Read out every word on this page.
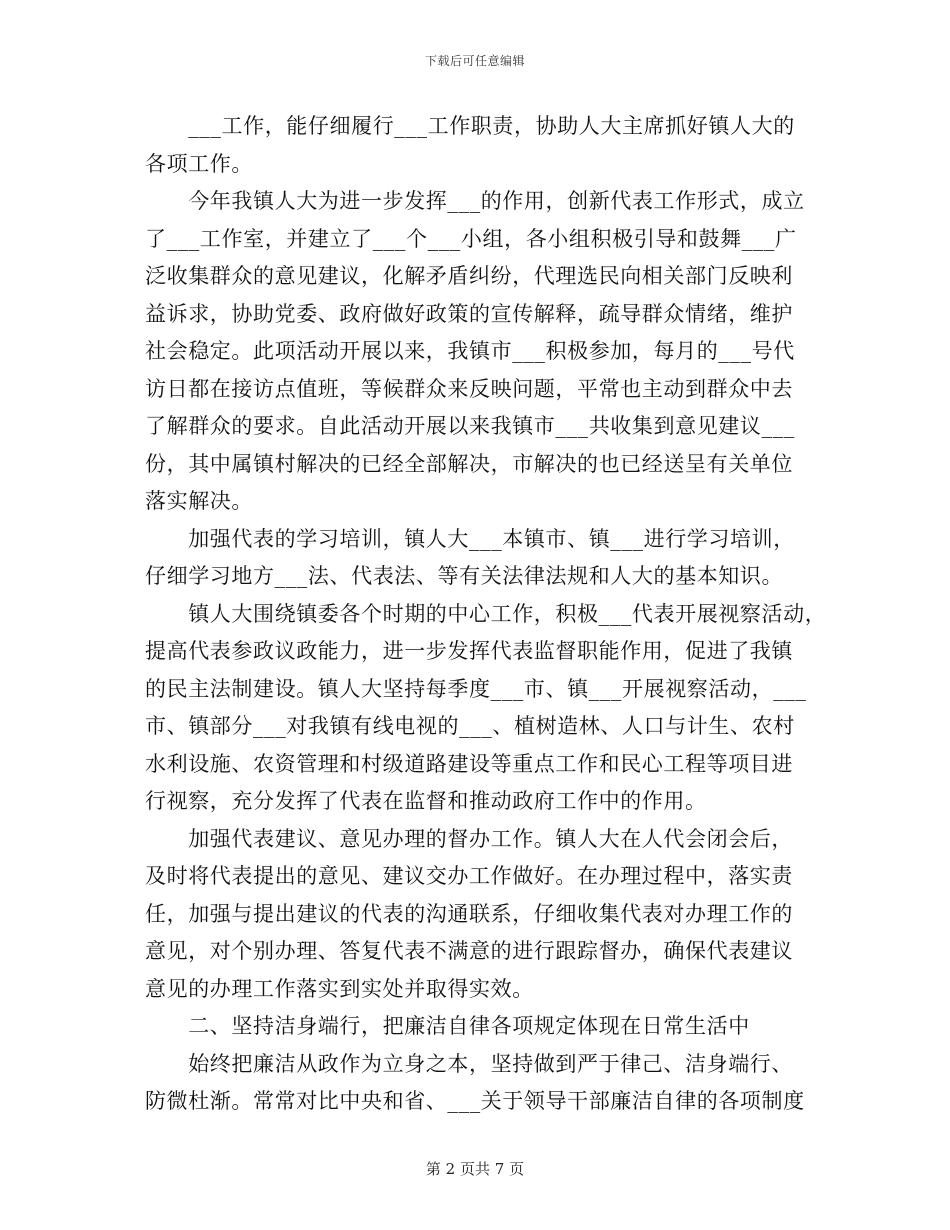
下载后可任意编辑
　　___工作，能仔细履行___工作职责，协助人大主席抓好镇人大的
各项工作。
　　今年我镇人大为进一步发挥___的作用，创新代表工作形式，成立
了___工作室，并建立了___个___小组，各小组积极引导和鼓舞___广
泛收集群众的意见建议，化解矛盾纠纷，代理选民向相关部门反映利
益诉求，协助党委、政府做好政策的宣传解释，疏导群众情绪，维护
社会稳定。此项活动开展以来，我镇市___积极参加，每月的___号代
访日都在接访点值班，等候群众来反映问题，平常也主动到群众中去
了解群众的要求。自此活动开展以来我镇市___共收集到意见建议___
份，其中属镇村解决的已经全部解决，市解决的也已经送呈有关单位
落实解决。
　　加强代表的学习培训，镇人大___本镇市、镇___进行学习培训，
仔细学习地方___法、代表法、等有关法律法规和人大的基本知识。
　　镇人大围绕镇委各个时期的中心工作，积极___代表开展视察活动，
提高代表参政议政能力，进一步发挥代表监督职能作用，促进了我镇
的民主法制建设。镇人大坚持每季度___市、镇___开展视察活动，___
市、镇部分___对我镇有线电视的___、植树造林、人口与计生、农村
水利设施、农资管理和村级道路建设等重点工作和民心工程等项目进
行视察，充分发挥了代表在监督和推动政府工作中的作用。
　　加强代表建议、意见办理的督办工作。镇人大在人代会闭会后，
及时将代表提出的意见、建议交办工作做好。在办理过程中，落实责
任，加强与提出建议的代表的沟通联系，仔细收集代表对办理工作的
意见，对个别办理、答复代表不满意的进行跟踪督办，确保代表建议
意见的办理工作落实到实处并取得实效。
　　二、坚持洁身端行，把廉洁自律各项规定体现在日常生活中
　　始终把廉洁从政作为立身之本，坚持做到严于律己、洁身端行、
防微杜渐。常常对比中央和省、___关于领导干部廉洁自律的各项制度
第 2 页共 7 页
